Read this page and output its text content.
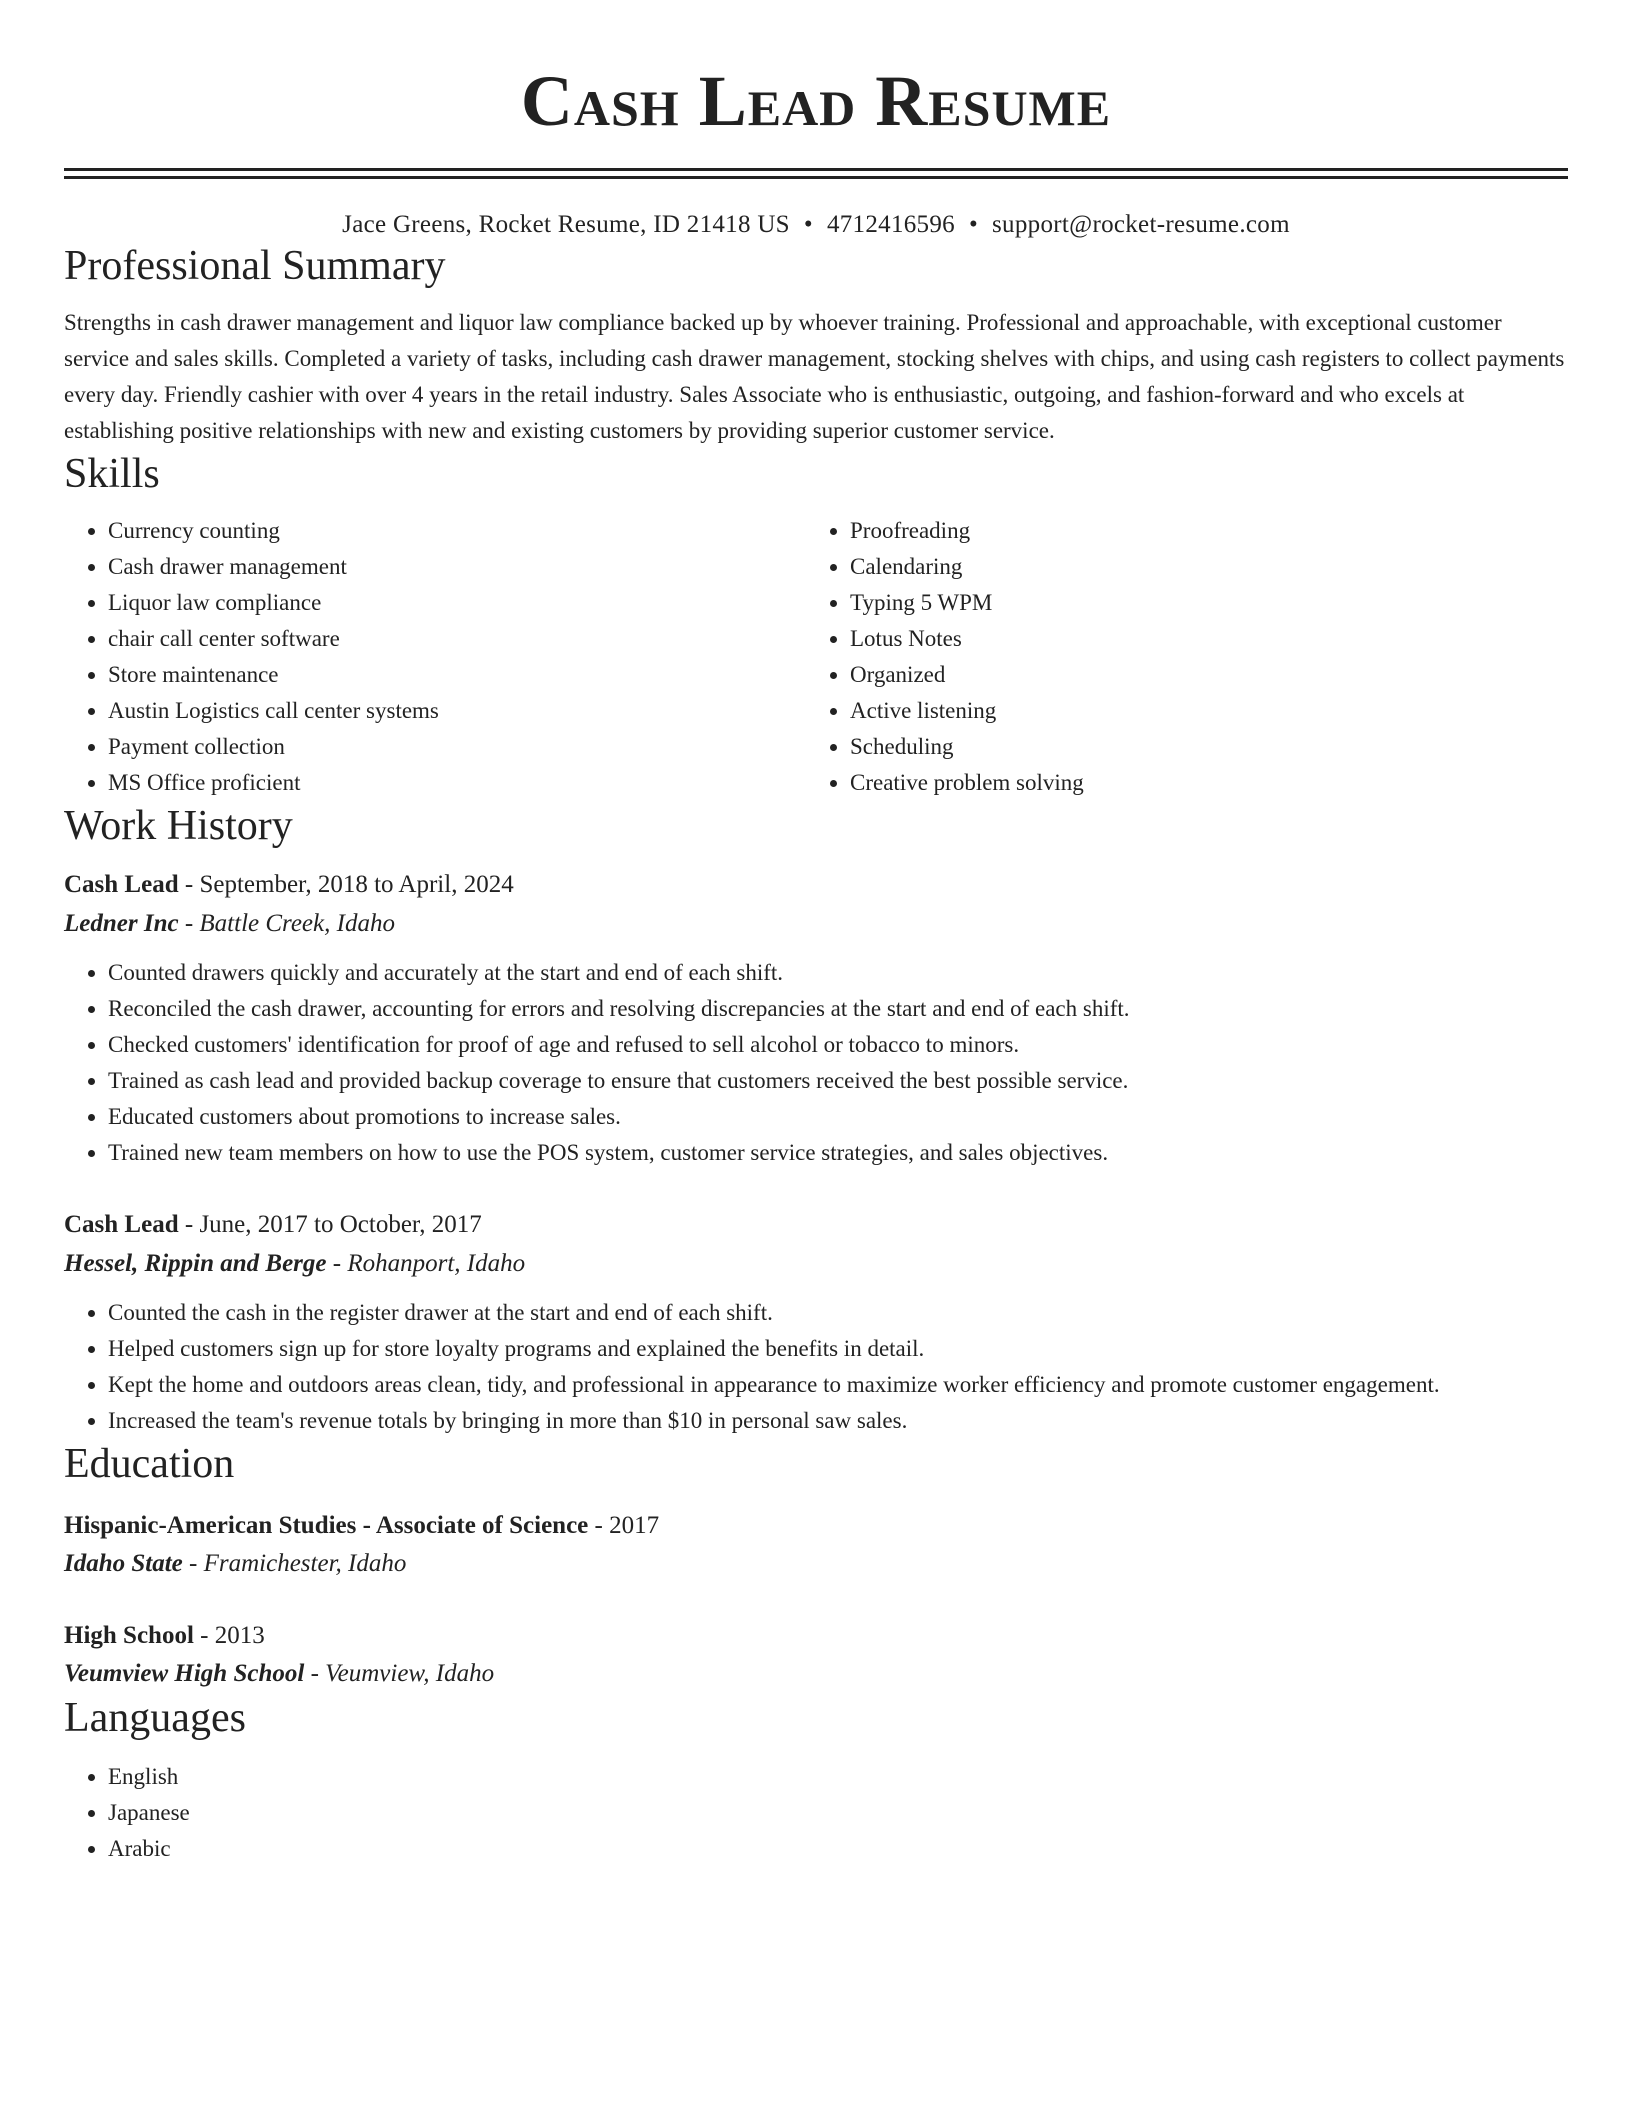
Cash Lead Resume
Jace Greens, Rocket Resume, ID 21418 US • 4712416596 • support@rocket-resume.com
Professional Summary

Strengths in cash drawer management and liquor law compliance backed up by whoever training. Professional and approachable, with exceptional customer service and sales skills. Completed a variety of tasks, including cash drawer management, stocking shelves with chips, and using cash registers to collect payments every day. Friendly cashier with over 4 years in the retail industry. Sales Associate who is enthusiastic, outgoing, and fashion-forward and who excels at establishing positive relationships with new and existing customers by providing superior customer service.

Skills
• Currency counting
• Cash drawer management
• Liquor law compliance
• chair call center software
• Store maintenance
• Austin Logistics call center systems
• Payment collection
• MS Office proficient
• Proofreading
• Calendaring
• Typing 5 WPM
• Lotus Notes
• Organized
• Active listening
• Scheduling
• Creative problem solving
Work History
Cash Lead - September, 2018 to April, 2024
Ledner Inc - Battle Creek, Idaho
• Counted drawers quickly and accurately at the start and end of each shift.
• Reconciled the cash drawer, accounting for errors and resolving discrepancies at the start and end of each shift.
• Checked customers' identification for proof of age and refused to sell alcohol or tobacco to minors.
• Trained as cash lead and provided backup coverage to ensure that customers received the best possible service.
• Educated customers about promotions to increase sales.
• Trained new team members on how to use the POS system, customer service strategies, and sales objectives.
Cash Lead - June, 2017 to October, 2017
Hessel, Rippin and Berge - Rohanport, Idaho
• Counted the cash in the register drawer at the start and end of each shift.
• Helped customers sign up for store loyalty programs and explained the benefits in detail.
• Kept the home and outdoors areas clean, tidy, and professional in appearance to maximize worker efficiency and promote customer engagement.
• Increased the team's revenue totals by bringing in more than $10 in personal saw sales.
Education
Hispanic-American Studies - Associate of Science - 2017
Idaho State - Framichester, Idaho
High School - 2013
Veumview High School - Veumview, Idaho
Languages
• English
• Japanese
• Arabic
